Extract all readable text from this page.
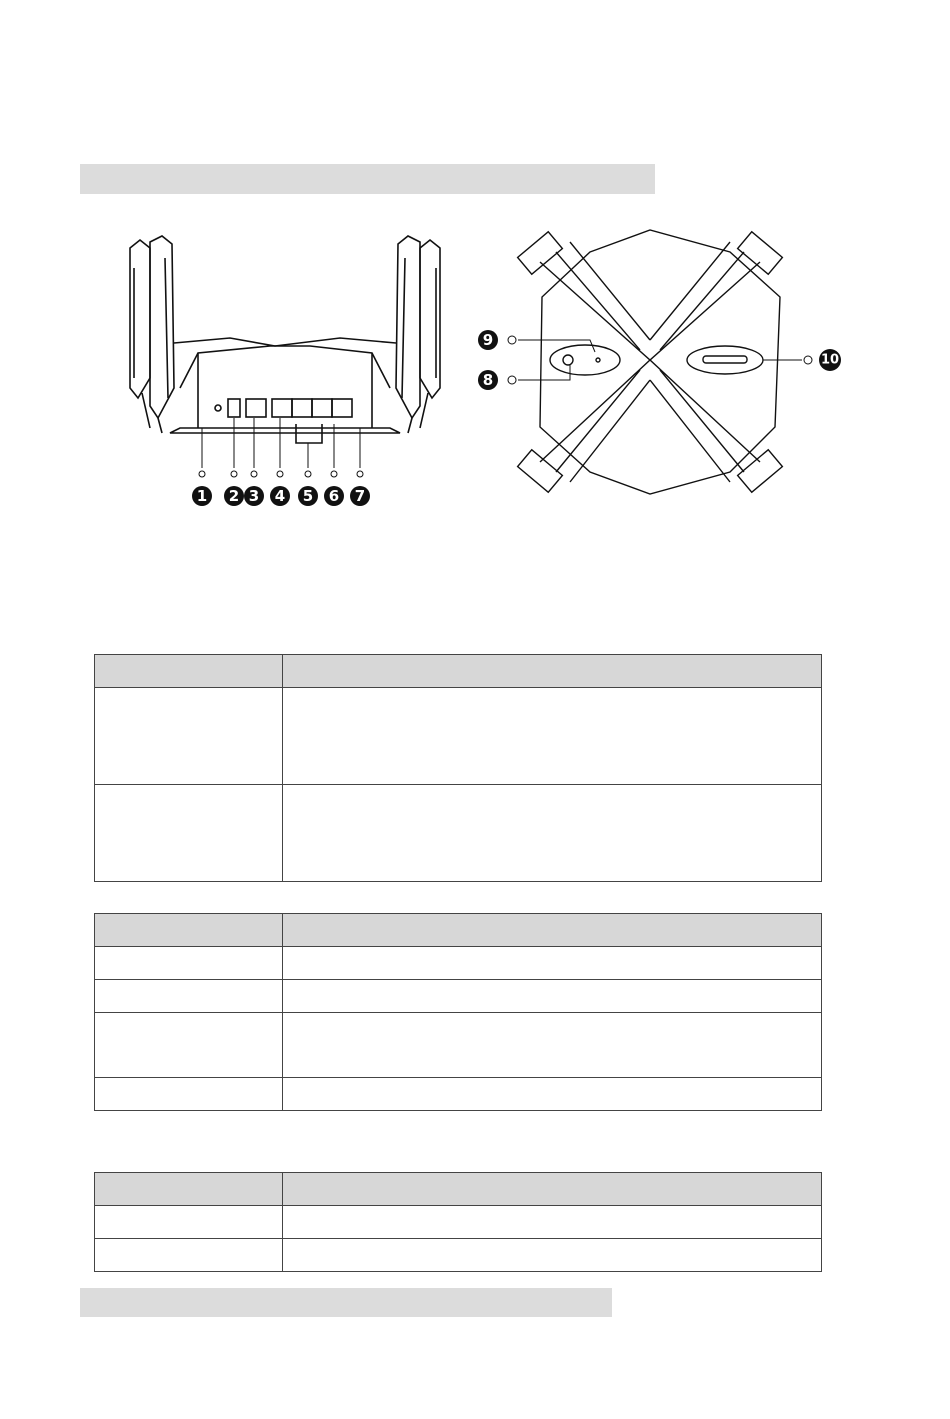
1 2 3 4 5 6 7
9
8
10
